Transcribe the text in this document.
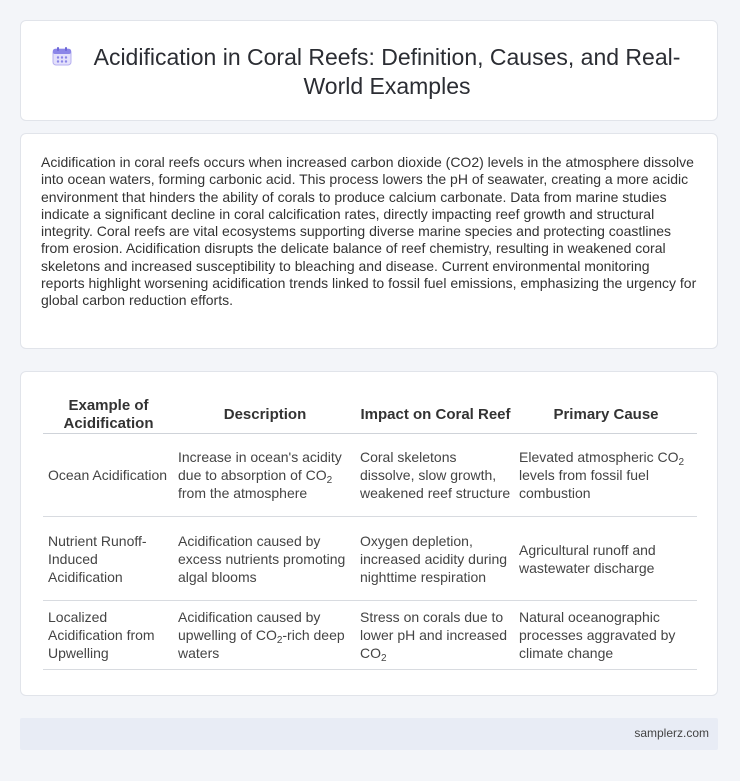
Acidification in Coral Reefs: Definition, Causes, and Real-World Examples

Acidification in coral reefs occurs when increased carbon dioxide (CO2) levels in the atmosphere dissolve into ocean waters, forming carbonic acid. This process lowers the pH of seawater, creating a more acidic environment that hinders the ability of corals to produce calcium carbonate. Data from marine studies indicate a significant decline in coral calcification rates, directly impacting reef growth and structural integrity. Coral reefs are vital ecosystems supporting diverse marine species and protecting coastlines from erosion. Acidification disrupts the delicate balance of reef chemistry, resulting in weakened coral skeletons and increased susceptibility to bleaching and disease. Current environmental monitoring reports highlight worsening acidification trends linked to fossil fuel emissions, emphasizing the urgency for global carbon reduction efforts.

Example of Acidification	Description	Impact on Coral Reef	Primary Cause
Ocean Acidification	Increase in ocean's acidity due to absorption of $CO_2$ from the atmosphere	Coral skeletons dissolve, slow growth, weakened reef structure	Elevated atmospheric $CO_2$ levels from fossil fuel combustion
Nutrient Runoff-Induced Acidification	Acidification caused by excess nutrients promoting algal blooms	Oxygen depletion, increased acidity during nighttime respiration	Agricultural runoff and wastewater discharge
Localized Acidification from Upwelling	Acidification caused by upwelling of $CO_2$-rich deep waters	Stress on corals due to lower pH and increased $CO_2$	Natural oceanographic processes aggravated by climate change
samplerz.com
